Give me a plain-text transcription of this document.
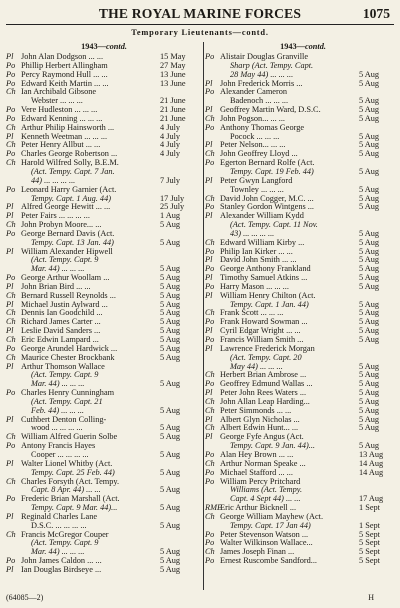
THE ROYAL MARINE FORCES	1075
Temporary Lieutenants—contd.
1943—contd.
Pl John Alan Dodgson ... ...	15 May
Po Phillip Herbert Allingham	27 May
Po Percy Raymond Hull ... ...	13 June
Po Edward Keith Martin ... ...	13 June
Ch Ian Archibald Gibsone
Webster ... ... ...	21 June
Po Vere Hudleston ... ... ...	21 June
Po Edward Kenning ... ... ...	21 June
Ch Arthur Philip Hainsworth ...	4 July
Pl Kenneth Weetman ... ... ...	4 July
Ch Peter Henry Allbut ... ...	4 July
Po Charles George Robertson ...	4 July
Ch Harold Wilfred Solly, B.E.M.
(Act. Tempy. Capt. 7 Jan.
44) ... ... ... ...	7 July
Po Leonard Harry Garnier (Act.
Tempy. Capt. 1 Aug. 44)	17 July
Pl Alfred George Hewitt ... ...	25 July
Pl Peter Fairs ... ... ... ...	1 Aug
Ch John Probyn Moore... ...	5 Aug
Po George Bernard Davis (Act.
Tempy. Capt. 13 Jan. 44)	5 Aug
Pl William Alexander Hipwell
(Act. Tempy. Capt. 9
Mar. 44) ... ... ...	5 Aug
Po George Arthur Woollam ...	5 Aug
Pl John Brian Bird ... ...	5 Aug
Ch Bernard Russell Reynolds ...	5 Aug
Pl Michael Justin Aylward ...	5 Aug
Ch Dennis Ian Goodchild ...	5 Aug
Ch Richard James Carter ...	5 Aug
Pl Leslie David Sanders ...	5 Aug
Ch Eric Edwin Lampard ...	5 Aug
Po George Arundel Hardwick ...	5 Aug
Ch Maurice Chester Brockbank	5 Aug
Pl Arthur Thomson Wallace
(Act. Tempy. Capt. 9
Mar. 44) ... ... ...	5 Aug
Po Charles Henry Cunningham
(Act. Tempy. Capt. 21
Feb. 44) ... ... ...	5 Aug
Pl Cuthbert Denton Colling-
wood ... ... ... ...	5 Aug
Ch William Alfred Guerin Solbe	5 Aug
Po Antony Francis Hayes
Cooper ... ... ... ...	5 Aug
Pl Walter Lionel Whitby (Act.
Tempy. Capt. 25 Feb. 44)	5 Aug
Ch Charles Forsyth (Act. Tempy.
Capt. 8 Apr. 44) ... ...	5 Aug
Po Frederic Brian Marshall (Act.
Tempy. Capt. 9 Mar. 44)...	5 Aug
Pl Reginald Charles Lane
D.S.C. ... ... ... ...	5 Aug
Ch Francis McGregor Couper
(Act. Tempy. Capt. 9
Mar. 44) ... ... ...	5 Aug
Po John James Caldon ... ...	5 Aug
Pl Ian Douglas Birdseye ...	5 Aug
1943—contd.
Po Alistair Douglas Granville
Sharp (Act. Tempy. Capt.
28 May 44) ... ... ...	5 Aug
Pl John Frederick Morris ...	5 Aug
Po Alexander Cameron
Badenoch ... ... ...	5 Aug
Pl Geoffrey Martin Ward, D.S.C.	5 Aug
Ch John Pogson... ... ...	5 Aug
Po Anthony Thomas George
Pocock ... ... ...	5 Aug
Pl Peter Nelson... ... ...	5 Aug
Ch John Geoffrey Lloyd ...	5 Aug
Po Egerton Bernard Rolfe (Act.
Tempy. Capt. 19 Feb. 44)	5 Aug
Pl Peter Gwyn Langford
Townley ... ... ...	5 Aug
Ch David John Cogger, M.C. ...	5 Aug
Po Stanley Gordon Wintgens ...	5 Aug
Pl Alexander William Kydd
(Act. Tempy. Capt. 11 Nov.
43) ... ... ... ...	5 Aug
Ch Edward William Kirby ...	5 Aug
Po Philip Ian Kirker ... ...	5 Aug
Pl David John Smith ... ...	5 Aug
Po George Anthony Frankland	5 Aug
Pl Timothy Samuel Atkins ...	5 Aug
Po Harry Mason ... ... ...	5 Aug
Pl William Henry Chilton (Act.
Tempy. Capt. 1 Jan. 44)	5 Aug
Ch Frank Scott ... ... ...	5 Aug
Po Frank Howard Sowman ...	5 Aug
Pl Cyril Edgar Wright ... ...	5 Aug
Po Francis William Smith ...	5 Aug
Pl Lawrence Frederick Morgan
(Act. Tempy. Capt. 20
May 44) ... ... ...	5 Aug
Ch Herbert Brian Ambrose ...	5 Aug
Po Geoffrey Edmund Wallas ...	5 Aug
Pl Peter John Rees Waters ...	5 Aug
Ch John Allan Leap Harding...	5 Aug
Ch Peter Simmonds ... ...	5 Aug
Pl Albert Glyn Nicholas ...	5 Aug
Ch Albert Edwin Hunt... ...	5 Aug
Pl George Fyfe Angus (Act.
Tempy. Capt. 9 Jan. 44)...	5 Aug
Po Alan Hey Brown ... ...	13 Aug
Ch Arthur Norman Speake ...	14 Aug
Po Michael Stafford ... ...	14 Aug
Po William Percy Pritchard
Williams (Act. Tempy.
Capt. 4 Sept 44) ... ...	17 Aug
RME
Eric Arthur Bicknell ...	1 Sept
Ch George William Mayhew (Act.
Tempy. Capt. 17 Jan 44)	1 Sept
Po Peter Stevenson Watson ...	5 Sept
Po Walter Wilkinson Wallace...	5 Sept
Ch James Joseph Finan ...	5 Sept
Po Ernest Ruscombe Sandford...	5 Sept
(64085—2)	H
